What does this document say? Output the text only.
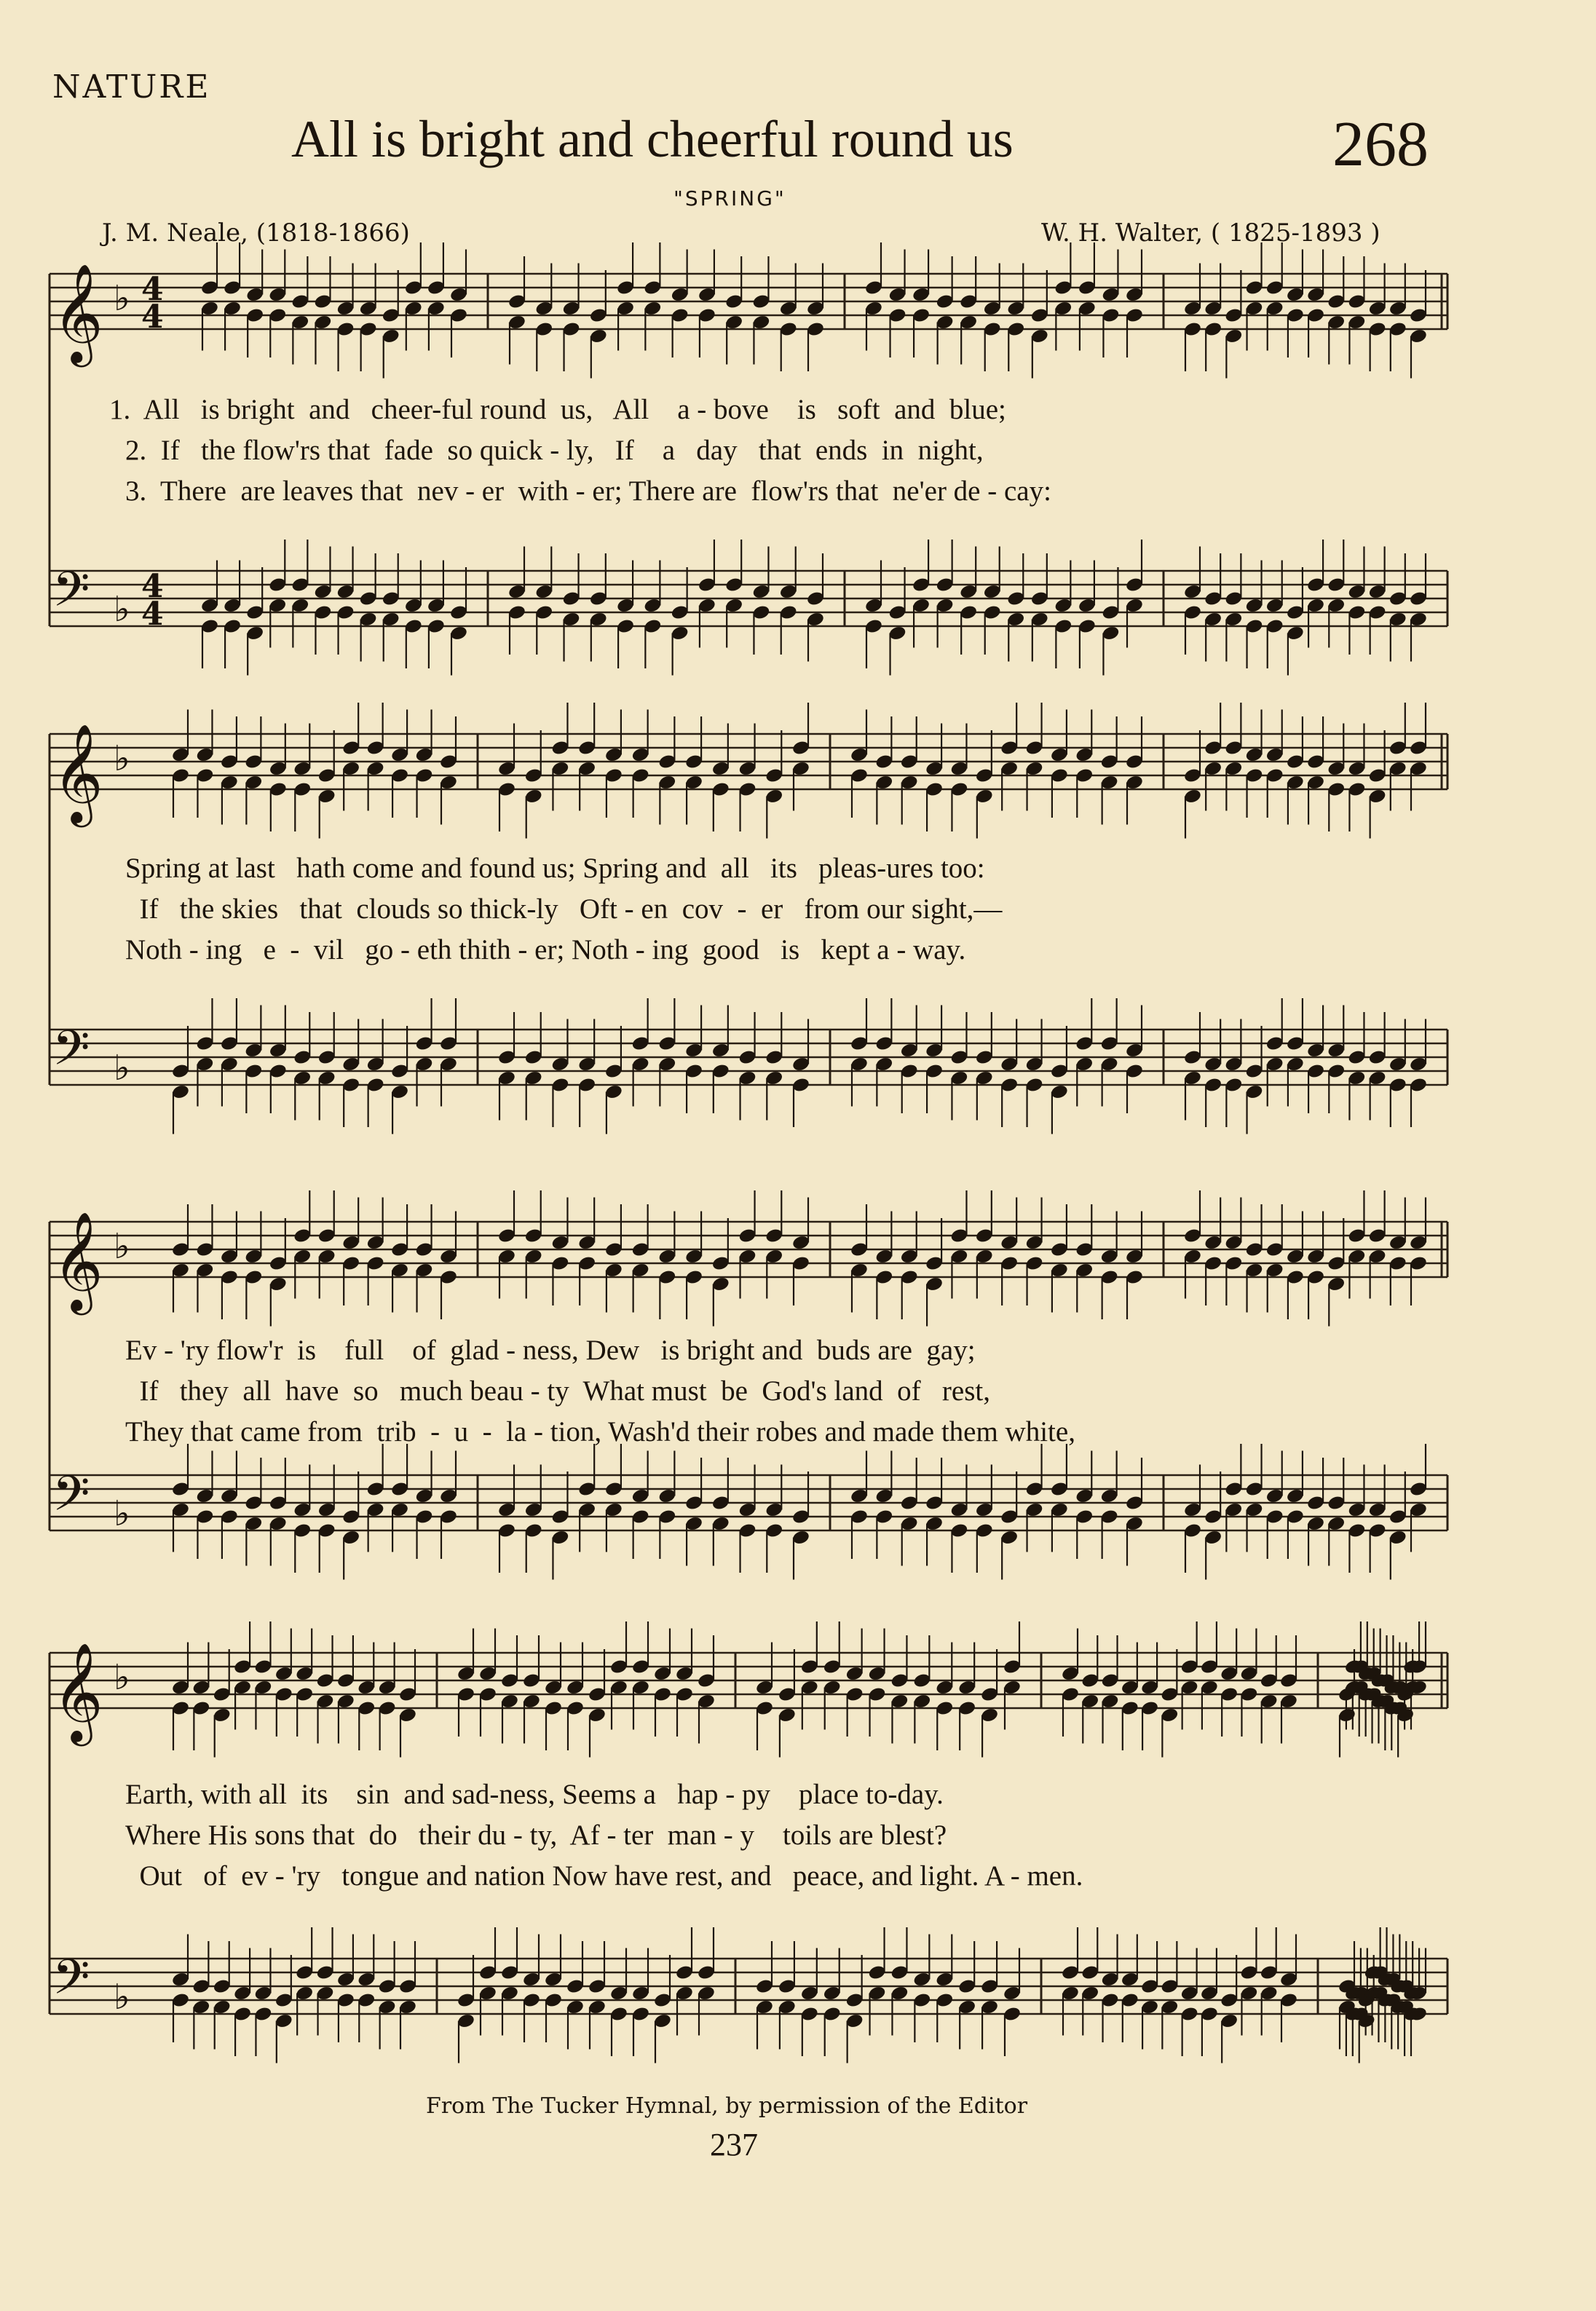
NATURE
All is bright and cheerful round us	268
"SPRING"
J. M. Neale, (1818-1866)	W. H. Walter, ( 1825-1893 )
𝄞 ♭
𝄢 ♭
4
4
4
4
𝄞 ♭
𝄢 ♭
𝄞 ♭
𝄢 ♭
𝄞 ♭
𝄢 ♭
1.  All   is bright  and   cheer-ful round  us,   All    a - bove    is   soft  and  blue;
2.  If   the flow'rs that  fade  so quick - ly,   If    a   day   that  ends  in  night,
3.  There  are leaves that  nev - er  with - er; There are  flow'rs that  ne'er de - cay:
Spring at last   hath come and found us; Spring and  all   its   pleas-ures too:
If   the skies   that  clouds so thick-ly   Oft - en  cov  -  er   from our sight,—
Noth - ing   e  -  vil   go - eth thith - er; Noth - ing  good   is   kept a - way.
Ev - 'ry flow'r  is    full    of  glad - ness, Dew   is bright and  buds are  gay;
If   they  all  have  so   much beau - ty  What must  be  God's land  of   rest,
They that came from  trib  -  u  -  la - tion, Wash'd their robes and made them white,
Earth, with all  its    sin  and sad-ness, Seems a   hap - py    place to-day.
Where His sons that  do   their du - ty,  Af - ter  man - y    toils are blest?
Out   of  ev - 'ry   tongue and nation Now have rest, and   peace, and light. A - men.
From The Tucker Hymnal, by permission of the Editor
237
